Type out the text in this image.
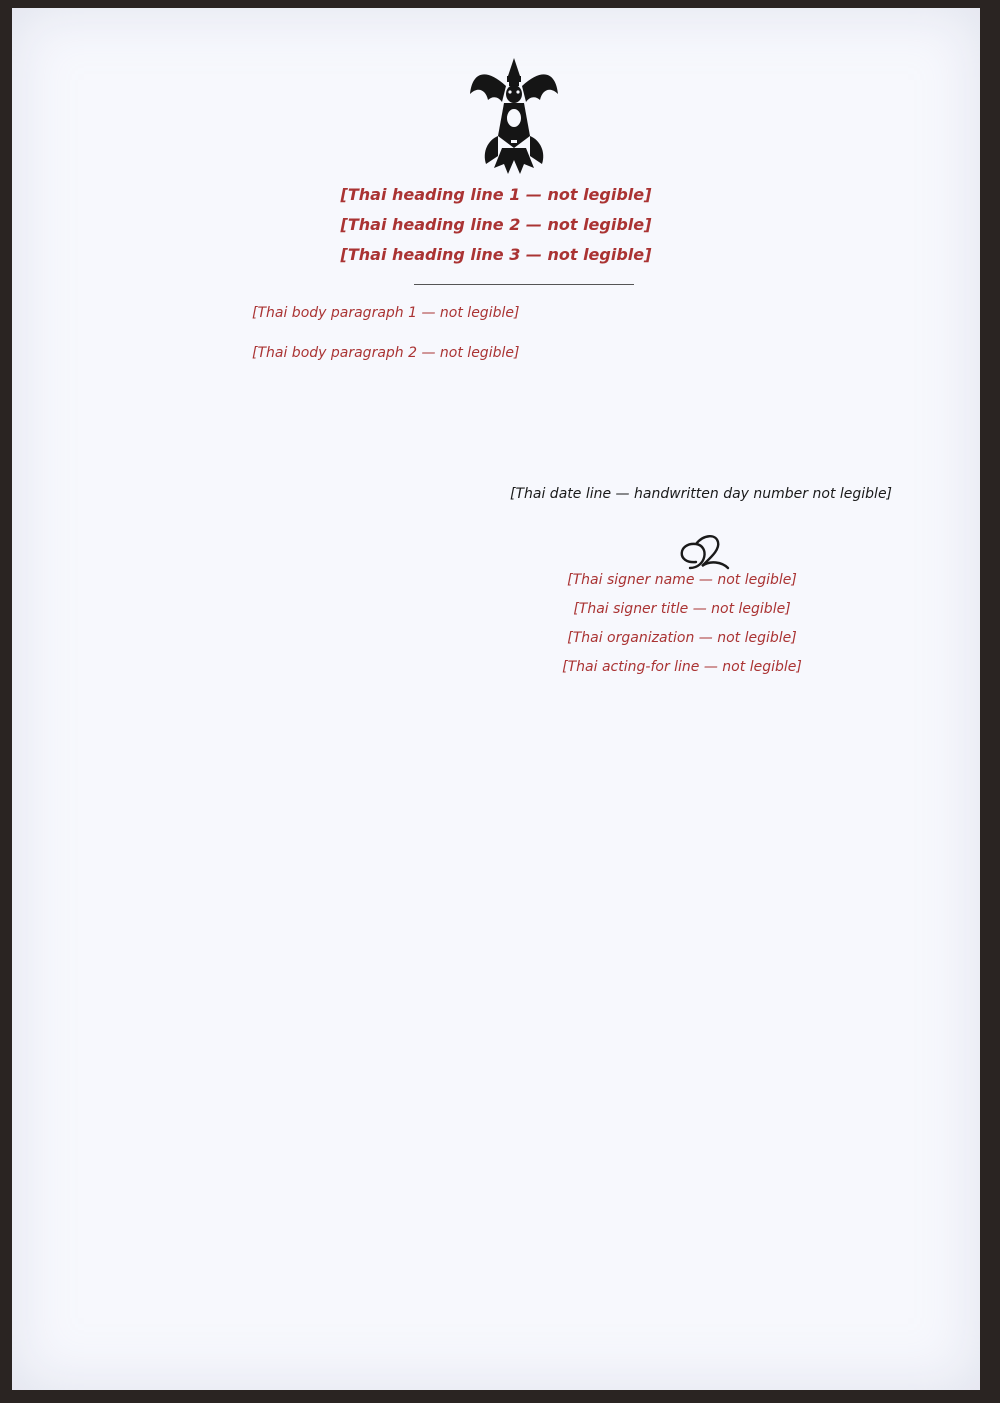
[Thai heading line 1 — not legible]
[Thai heading line 2 — not legible]
[Thai heading line 3 — not legible]

[Thai body paragraph 1 — not legible]

[Thai body paragraph 2 — not legible]

[Thai date line — handwritten day number not legible]
[Thai signer name — not legible]
[Thai signer title — not legible]
[Thai organization — not legible]
[Thai acting-for line — not legible]
